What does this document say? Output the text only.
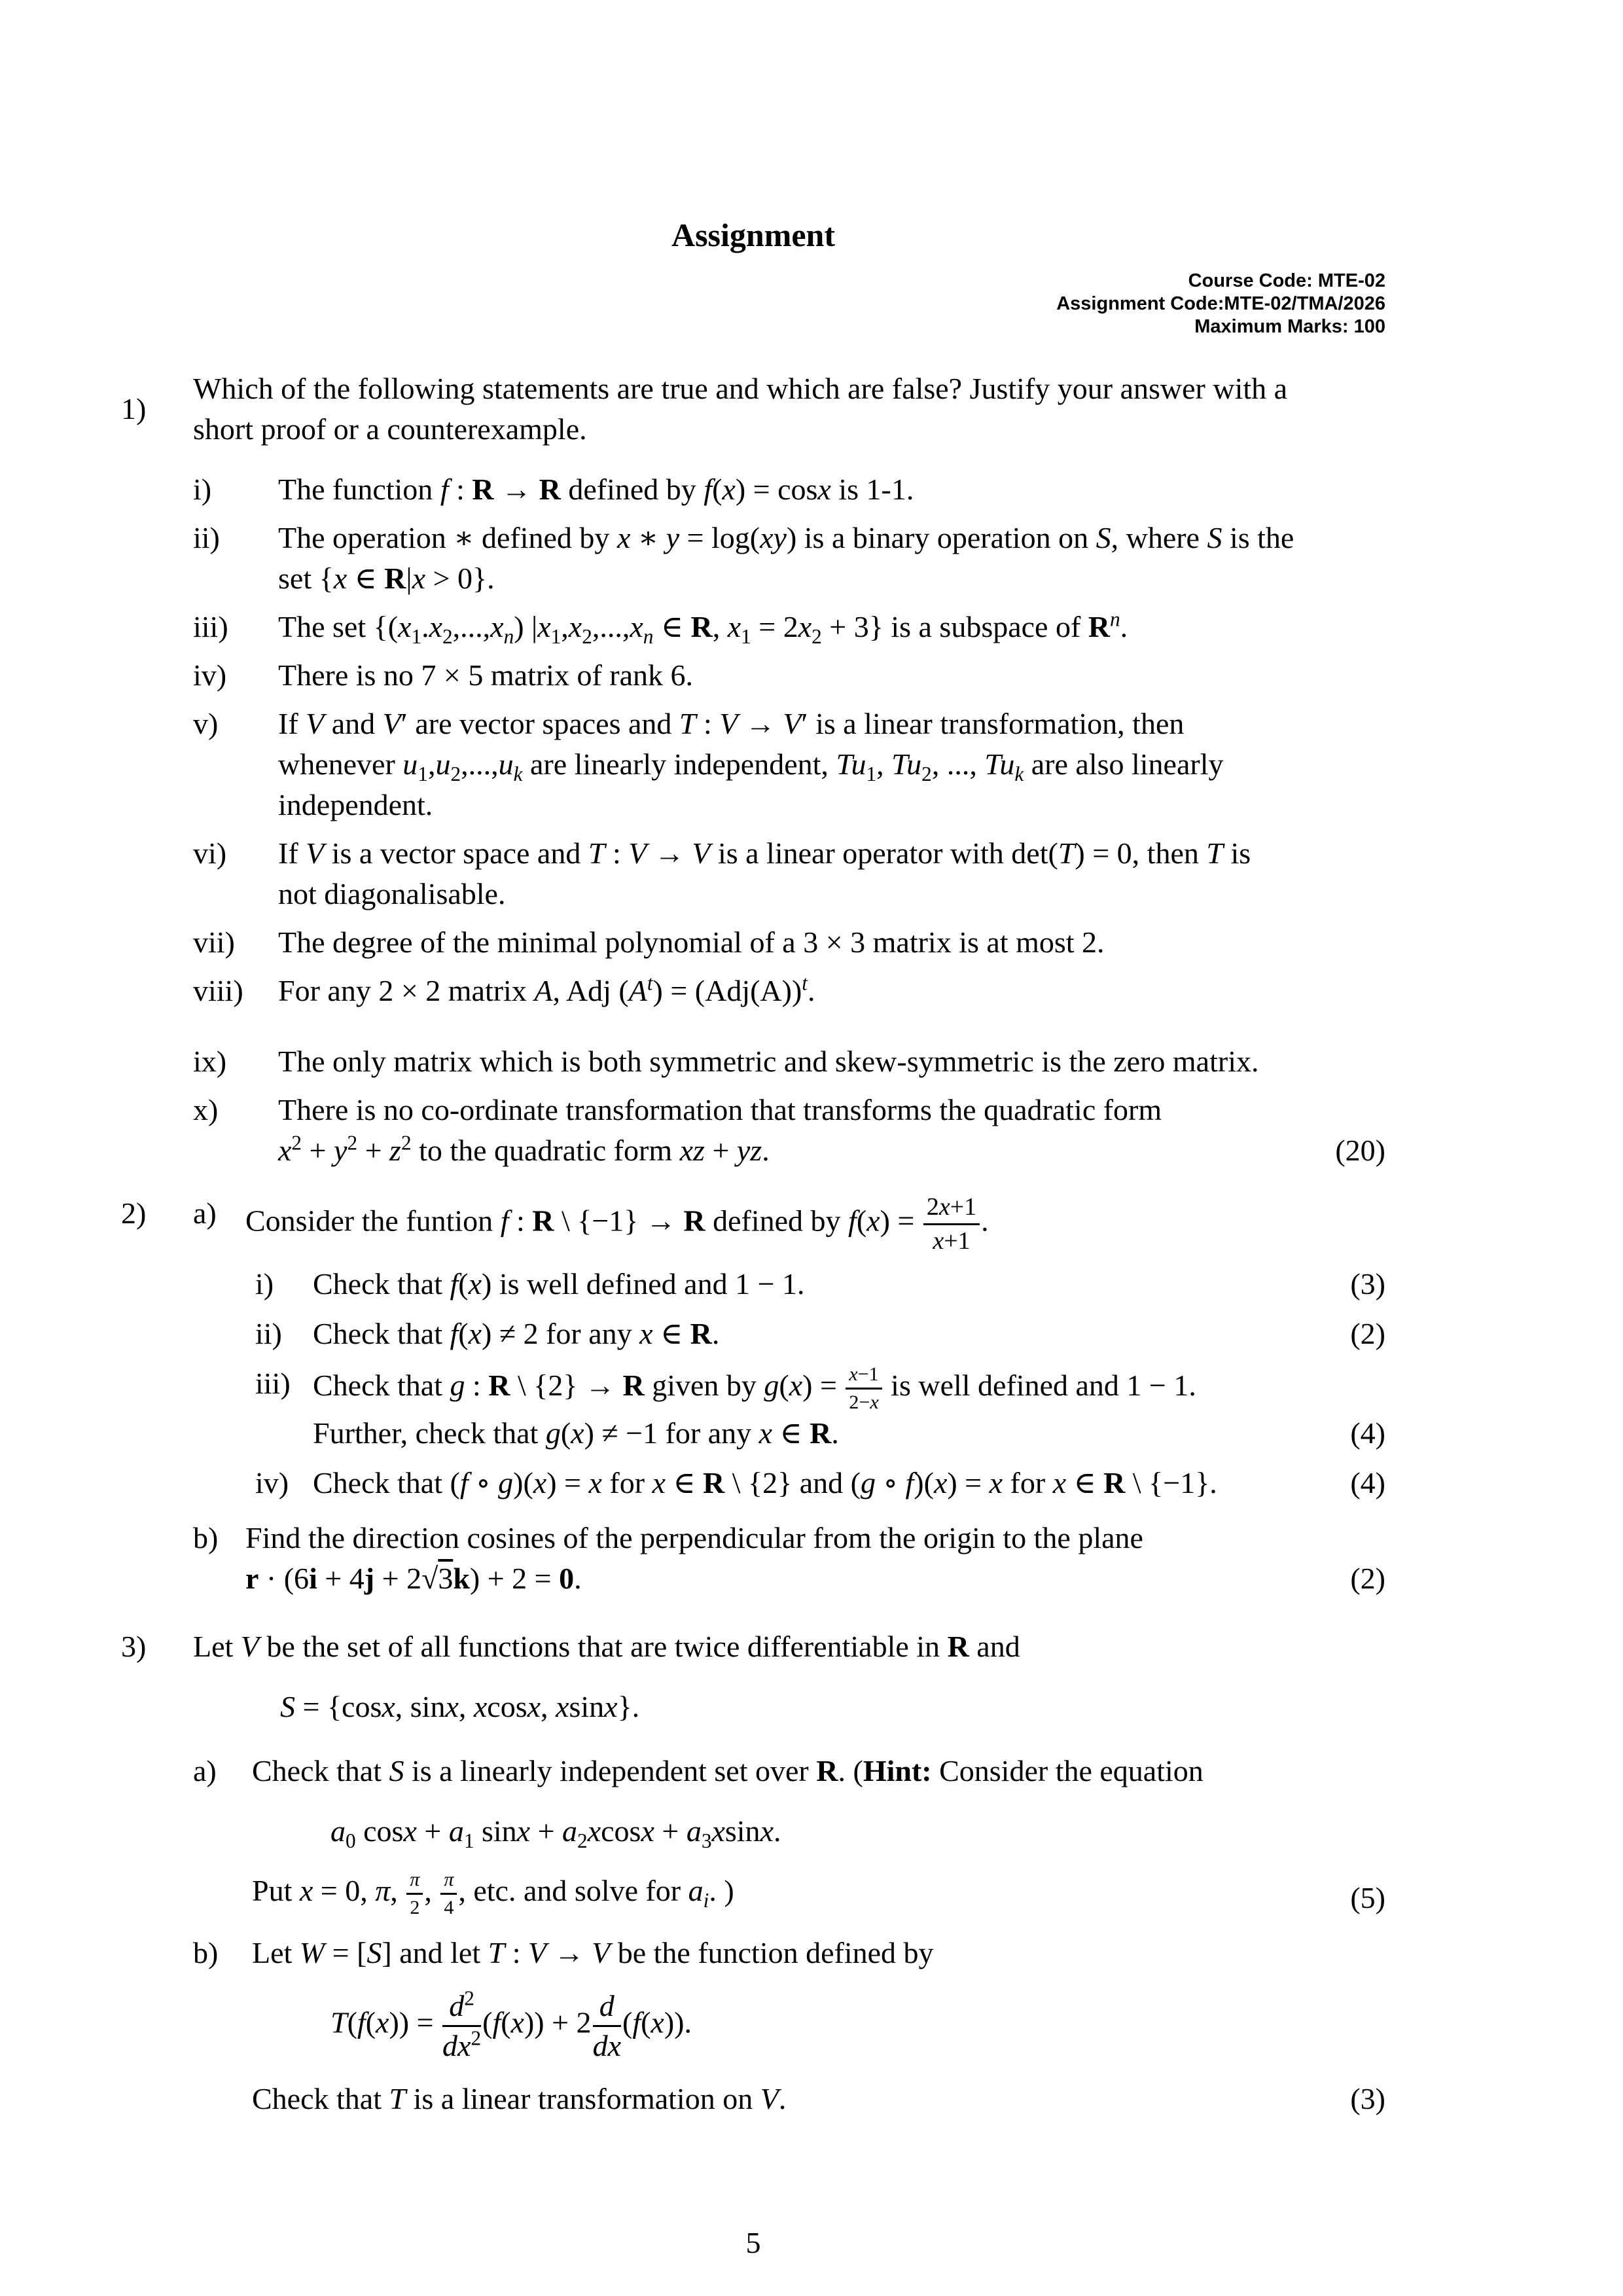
Assignment
Course Code: MTE-02
Assignment Code:MTE-02/TMA/2026
Maximum Marks: 100
1)
Which of the following statements are true and which are false? Justify your answer with a
short proof or a counterexample.
i)	The function f : R → R defined by f(x) = cosx is 1-1.
ii)	The operation ∗ defined by x ∗ y = log(xy) is a binary operation on S, where S is the
set {x ∈ R|x > 0}.
iii)	The set {$(x_1.x_2,...,x_n)$ $|x_1,x_2,...,x_n$ ∈ R, $x_1 = 2x_2 + 3$} is a subspace of $R^n$.
iv)	There is no 7 × 5 matrix of rank 6.
v)	If V and V′ are vector spaces and T : V → V′ is a linear transformation, then
whenever $u_1,u_2,...,u_k$ are linearly independent, $Tu_1$, $Tu_2$, ..., $Tu_k$ are also linearly
independent.
vi)	If V is a vector space and T : V → V is a linear operator with det(T) = 0, then T is
not diagonalisable.
vii)	The degree of the minimal polynomial of a 3 × 3 matrix is at most 2.
viii)	For any 2 × 2 matrix A, Adj $(A^t) = (Adj(A))^t$.
ix)	The only matrix which is both symmetric and skew-symmetric is the zero matrix.
x)	There is no co-ordinate transformation that transforms the quadratic form
$x^2 + y^2 + z^2$ to the quadratic form xz + yz.	(20)
2)	a) Consider the funtion f : R \ {−1} → R defined by $f(x) = \frac{2x+1}{x+1}$ .
i)	Check that f(x) is well defined and 1 − 1.	(3)
ii)	Check that f(x) ≠ 2 for any x ∈ R.	(2)
iii) Check that g : R \ {2} → R given by $g(x) = \frac{x-1}{2-x}$ is well defined and 1 − 1.
Further, check that g(x) ≠ −1 for any x ∈ R.	(4)
iv) Check that (f ∘ g)(x) = x for x ∈ R \ {2} and (g ∘ f)(x) = x for x ∈ R \ {−1}.	(4)
b) Find the direction cosines of the perpendicular from the origin to the plane
r · (6i + 4j + 2√3k) + 2 = 0.	(2)
3)	Let V be the set of all functions that are twice differentiable in R and
S = {cosx, sinx, xcosx, xsinx}.
a)	Check that S is a linearly independent set over R. (Hint: Consider the equation
$a_0$ $\cos x + a_1$ $\sin x + a_2xcosx + a_3xsinx$.
Put x = 0, π, $\frac{\pi}{2}$ , $\frac{\pi}{4}$ , etc. and solve for $a_i$. )	(5)
b)	Let W = [S] and let T : V → V be the function defined by
$T(f(x)) = \frac{d^2}{dx^2} (f(x)) + 2 \frac{d}{dx} (f(x))$.
Check that T is a linear transformation on V.	(3)
5
